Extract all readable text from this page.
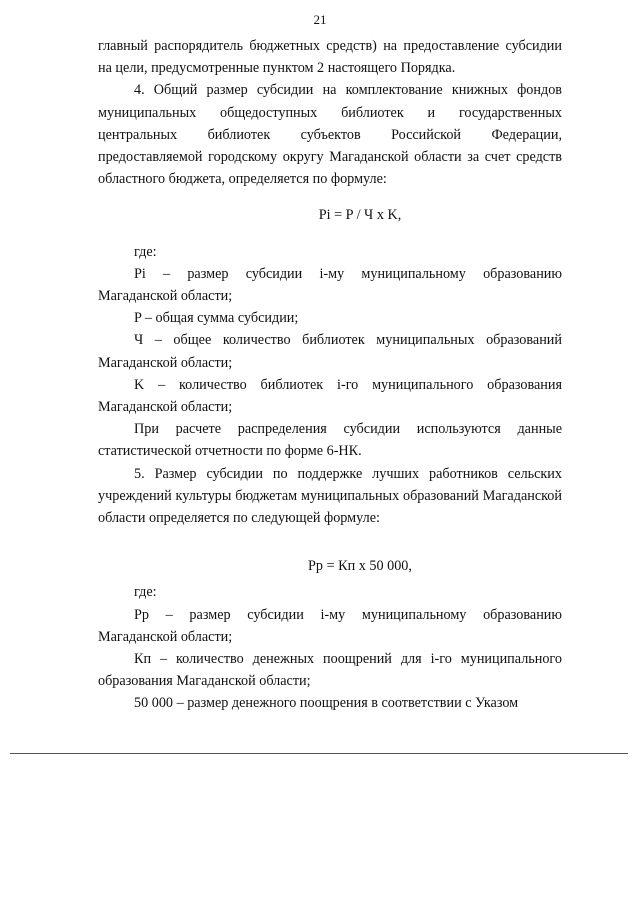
21

главный распорядитель бюджетных средств) на предоставление субсидии на цели, предусмотренные пунктом 2 настоящего Порядка.

4. Общий размер субсидии на комплектование книжных фондов муниципальных общедоступных библиотек и государственных центральных библиотек субъектов Российской Федерации, предоставляемой городскому округу Магаданской области за счет средств областного бюджета, определяется по формуле:

Pi = P / Ч х K,

где:

Pi – размер субсидии i-му муниципальному образованию Магаданской области;

P – общая сумма субсидии;

Ч – общее количество библиотек муниципальных образований Магаданской области;

K – количество библиотек i-го муниципального образования Магаданской области;

При расчете распределения субсидии используются данные статистической отчетности по форме 6-НК.

5. Размер субсидии по поддержке лучших работников сельских учреждений культуры бюджетам муниципальных образований Магаданской области определяется по следующей формуле:

Рр = Кп х 50 000,

где:

Рр – размер субсидии i-му муниципальному образованию Магаданской области;

Кп – количество денежных поощрений для i-го муниципального образования Магаданской области;

50 000 – размер денежного поощрения в соответствии с Указом
